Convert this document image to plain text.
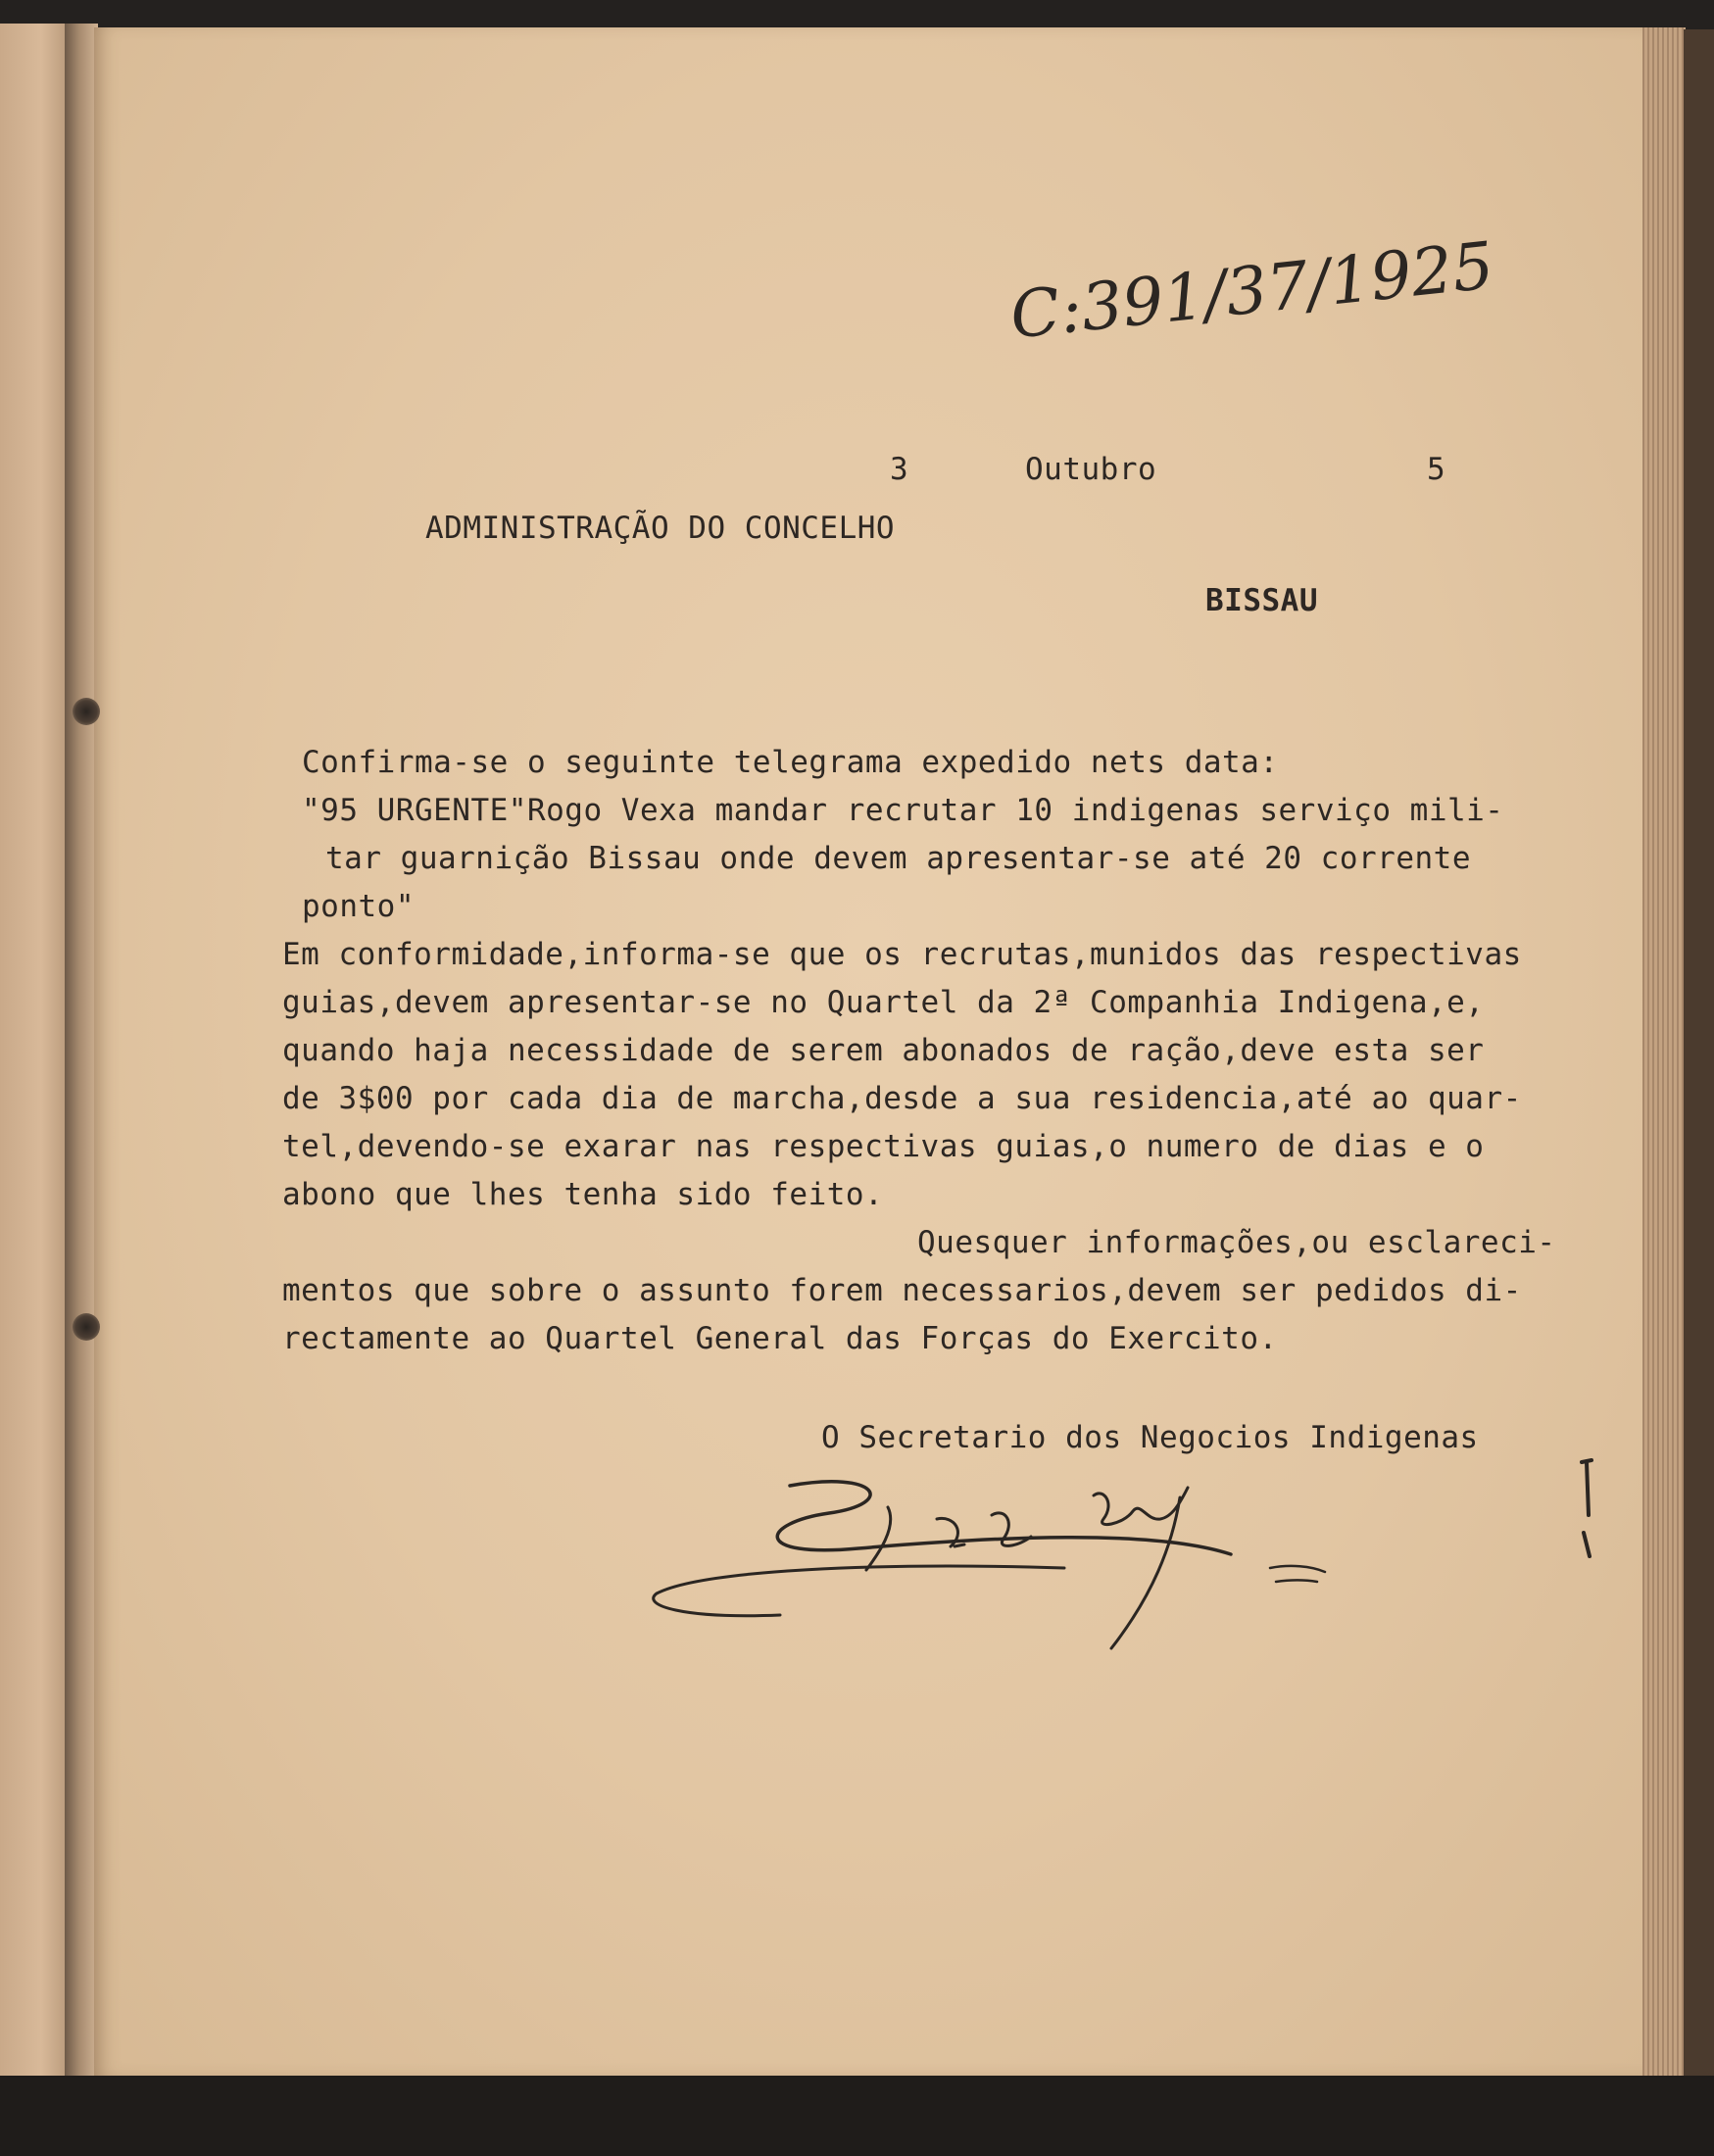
C:391/37/1925
3	Outubro	5
ADMINISTRAÇÃO DO CONCELHO
BISSAU
Confirma-se o seguinte telegrama expedido nets data:
"95 URGENTE"Rogo Vexa mandar recrutar 10 indigenas serviço mili-
tar guarnição Bissau onde devem apresentar-se até 20 corrente
ponto"
Em conformidade,informa-se que os recrutas,munidos das respectivas
guias,devem apresentar-se no Quartel da 2ª Companhia Indigena,e,
quando haja necessidade de serem abonados de ração,deve esta ser
de 3$00 por cada dia de marcha,desde a sua residencia,até ao quar-
tel,devendo-se exarar nas respectivas guias,o numero de dias e o
abono que lhes tenha sido feito.
Quesquer informações,ou esclareci-
mentos que sobre o assunto forem necessarios,devem ser pedidos di-
rectamente ao Quartel General das Forças do Exercito.
O Secretario dos Negocios Indigenas
